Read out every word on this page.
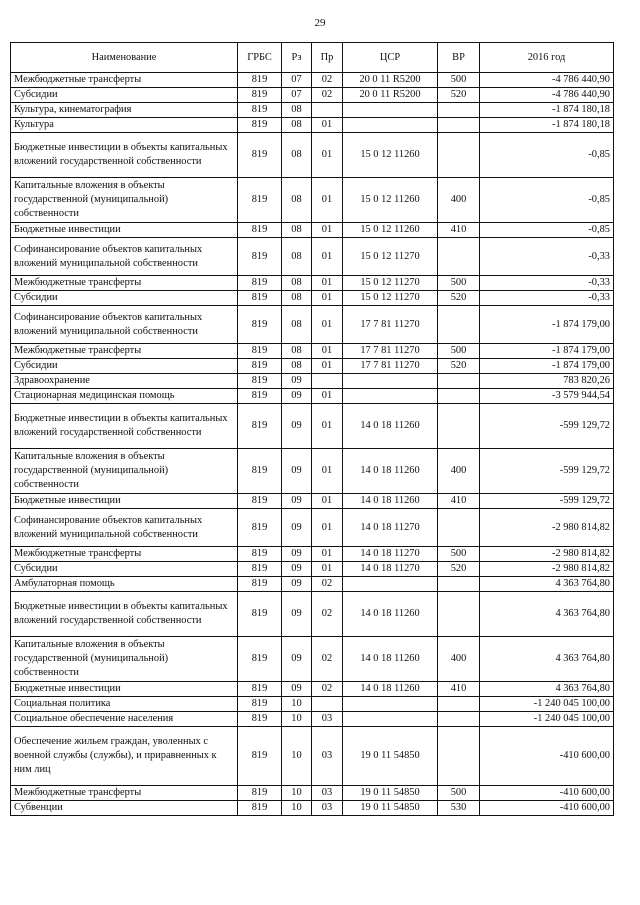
29
Наименование	ГРБС	Рз	Пр	ЦСР	ВР	2016 год
Межбюджетные трансферты	819	07	02	20 0 11 R5200	500	-4 786 440,90
Субсидии	819	07	02	20 0 11 R5200	520	-4 786 440,90
Культура, кинематография	819	08				-1 874 180,18
Культура	819	08	01			-1 874 180,18
Бюджетные инвестиции в объекты капитальных вложений государственной собственности	819	08	01	15 0 12 11260		-0,85
Капитальные вложения в объекты государственной (муниципальной) собственности	819	08	01	15 0 12 11260	400	-0,85
Бюджетные инвестиции	819	08	01	15 0 12 11260	410	-0,85
Софинансирование объектов капитальных вложений муниципальной собственности	819	08	01	15 0 12 11270		-0,33
Межбюджетные трансферты	819	08	01	15 0 12 11270	500	-0,33
Субсидии	819	08	01	15 0 12 11270	520	-0,33
Софинансирование объектов капитальных вложений муниципальной собственности	819	08	01	17 7 81 11270		-1 874 179,00
Межбюджетные трансферты	819	08	01	17 7 81 11270	500	-1 874 179,00
Субсидии	819	08	01	17 7 81 11270	520	-1 874 179,00
Здравоохранение	819	09				783 820,26
Стационарная медицинская помощь	819	09	01			-3 579 944,54
Бюджетные инвестиции в объекты капитальных вложений государственной собственности	819	09	01	14 0 18 11260		-599 129,72
Капитальные вложения в объекты государственной (муниципальной) собственности	819	09	01	14 0 18 11260	400	-599 129,72
Бюджетные инвестиции	819	09	01	14 0 18 11260	410	-599 129,72
Софинансирование объектов капитальных вложений муниципальной собственности	819	09	01	14 0 18 11270		-2 980 814,82
Межбюджетные трансферты	819	09	01	14 0 18 11270	500	-2 980 814,82
Субсидии	819	09	01	14 0 18 11270	520	-2 980 814,82
Амбулаторная помощь	819	09	02			4 363 764,80
Бюджетные инвестиции в объекты капитальных вложений государственной собственности	819	09	02	14 0 18 11260		4 363 764,80
Капитальные вложения в объекты государственной (муниципальной) собственности	819	09	02	14 0 18 11260	400	4 363 764,80
Бюджетные инвестиции	819	09	02	14 0 18 11260	410	4 363 764,80
Социальная политика	819	10				-1 240 045 100,00
Социальное обеспечение населения	819	10	03			-1 240 045 100,00
Обеспечение жильем граждан, уволенных с военной службы (службы), и приравненных к ним лиц	819	10	03	19 0 11 54850		-410 600,00
Межбюджетные трансферты	819	10	03	19 0 11 54850	500	-410 600,00
Субвенции	819	10	03	19 0 11 54850	530	-410 600,00
